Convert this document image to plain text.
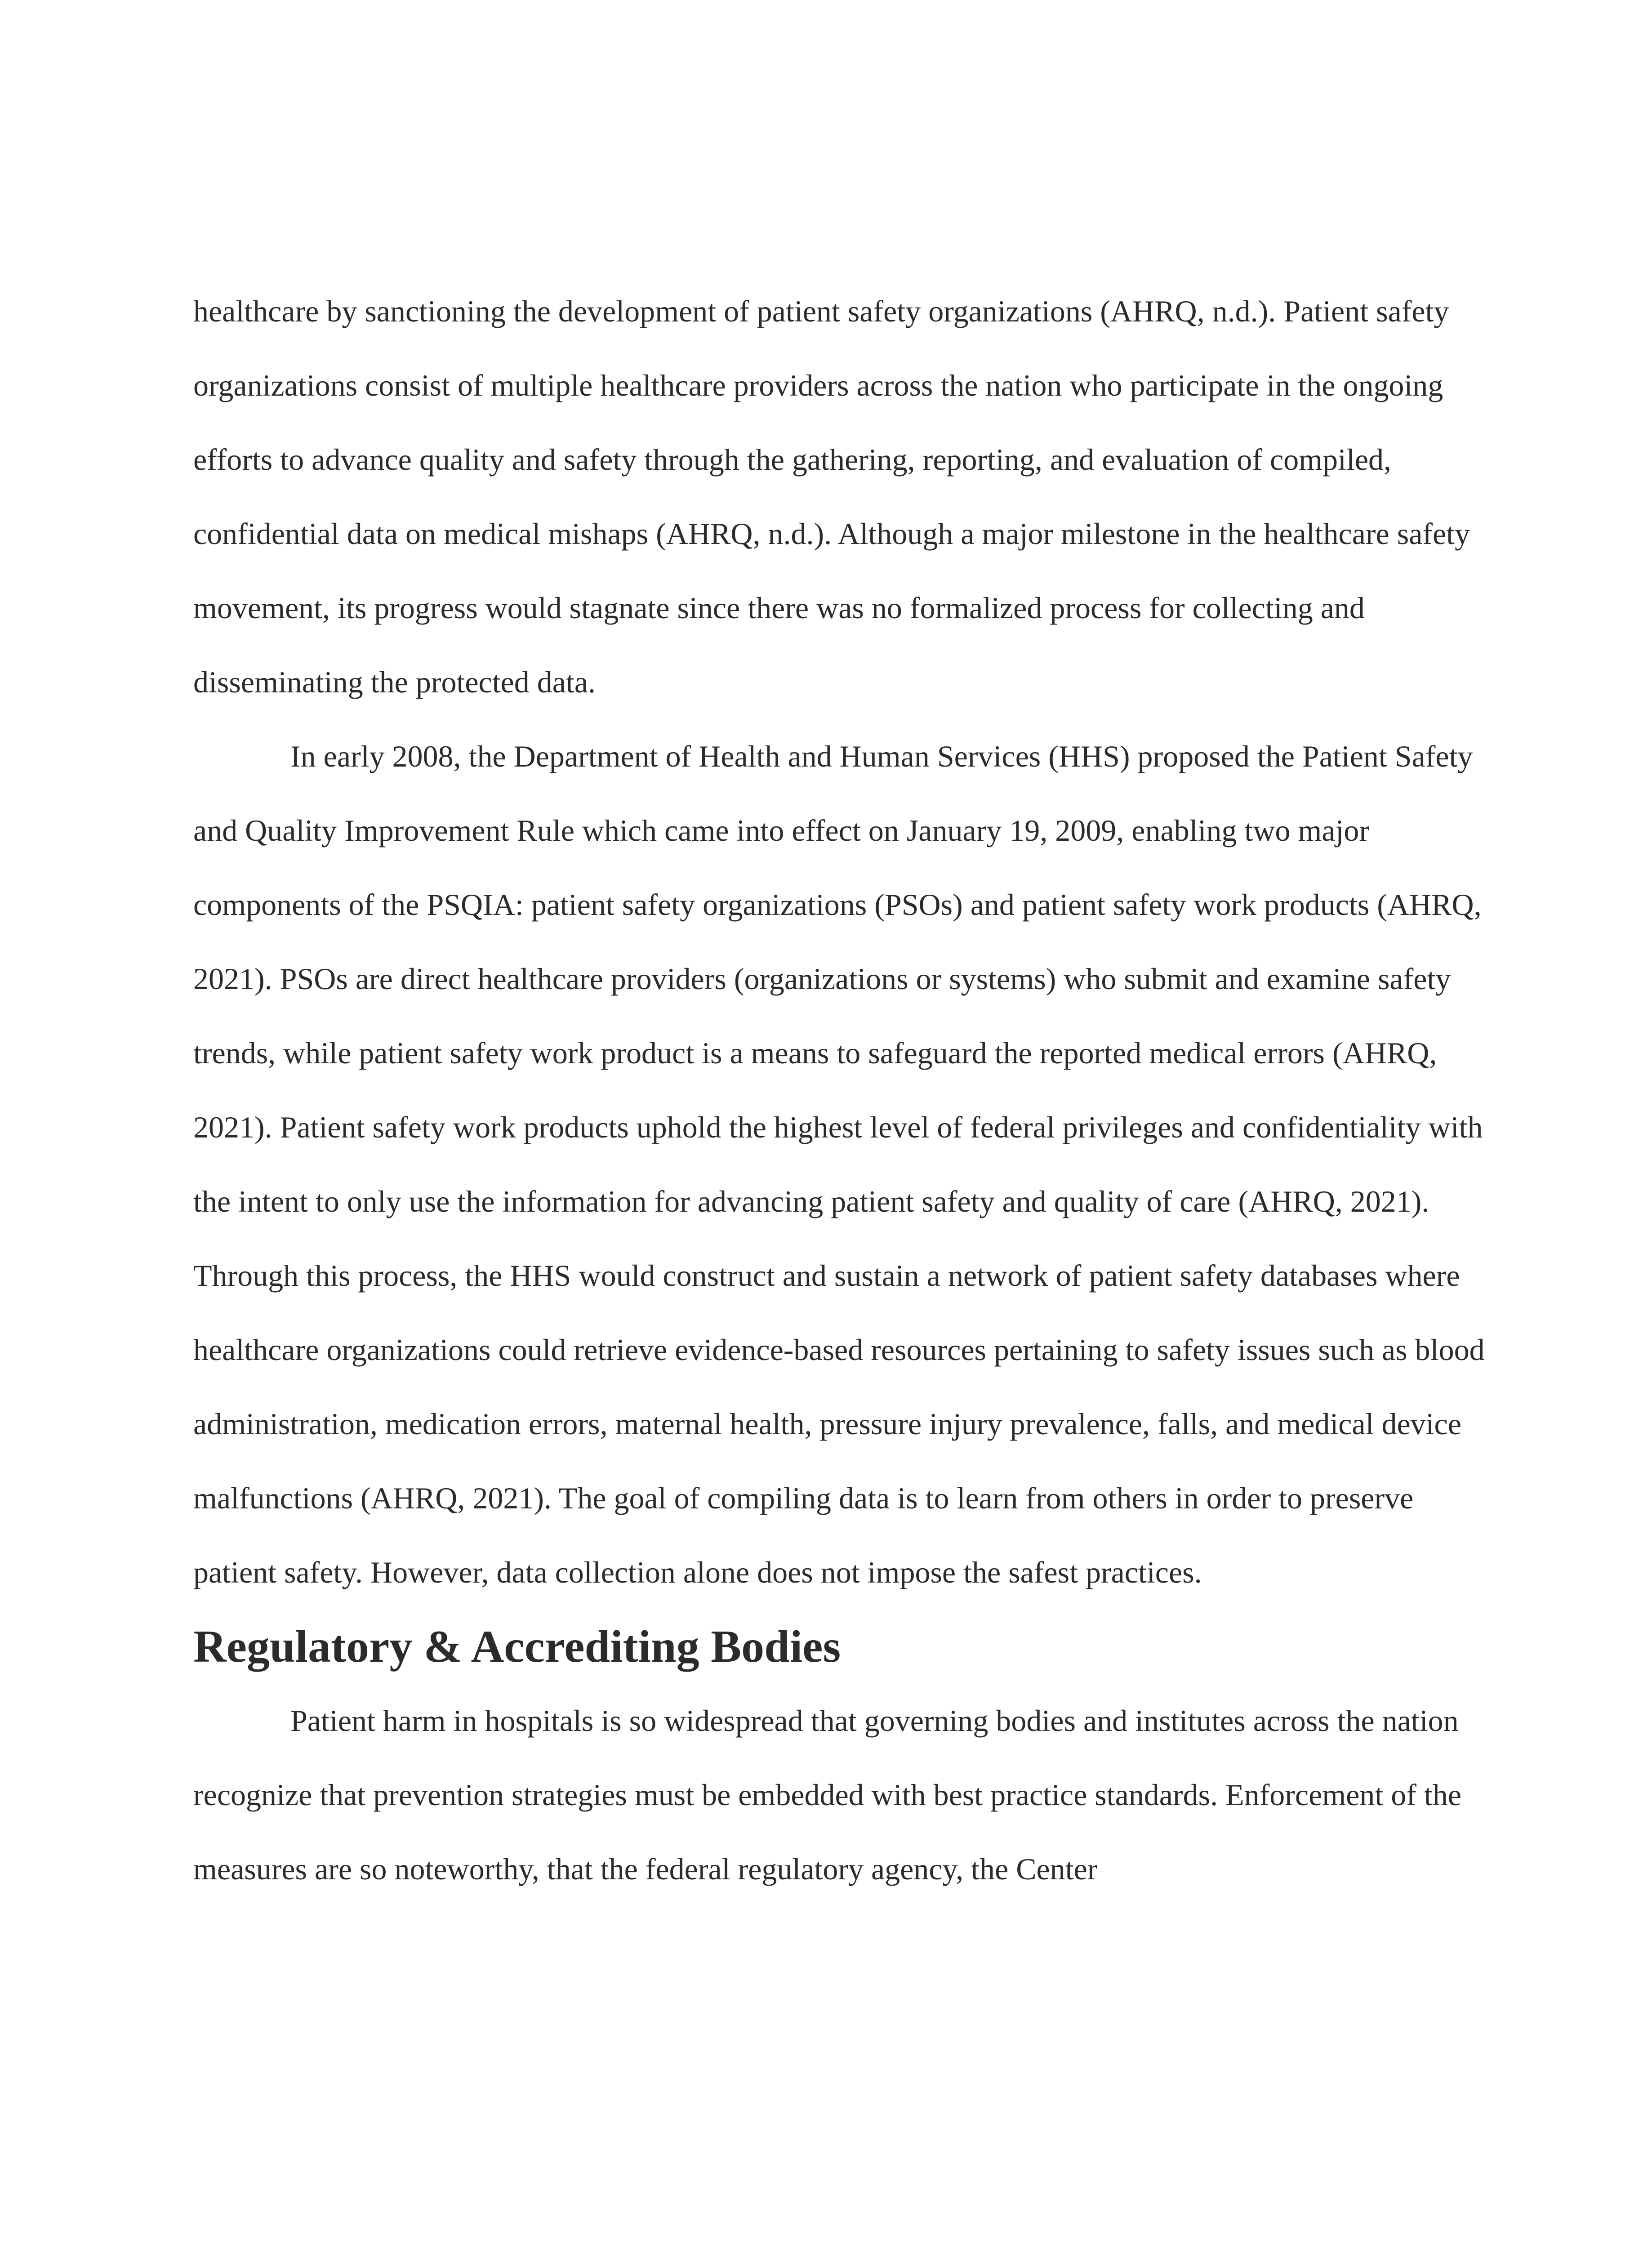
healthcare by sanctioning the development of patient safety organizations (AHRQ, n.d.). Patient safety organizations consist of multiple healthcare providers across the nation who participate in the ongoing efforts to advance quality and safety through the gathering, reporting, and evaluation of compiled, confidential data on medical mishaps (AHRQ, n.d.). Although a major milestone in the healthcare safety movement, its progress would stagnate since there was no formalized process for collecting and disseminating the protected data.

In early 2008, the Department of Health and Human Services (HHS) proposed the Patient Safety and Quality Improvement Rule which came into effect on January 19, 2009, enabling two major components of the PSQIA: patient safety organizations (PSOs) and patient safety work products (AHRQ, 2021). PSOs are direct healthcare providers (organizations or systems) who submit and examine safety trends, while patient safety work product is a means to safeguard the reported medical errors (AHRQ, 2021). Patient safety work products uphold the highest level of federal privileges and confidentiality with the intent to only use the information for advancing patient safety and quality of care (AHRQ, 2021). Through this process, the HHS would construct and sustain a network of patient safety databases where healthcare organizations could retrieve evidence-based resources pertaining to safety issues such as blood administration, medication errors, maternal health, pressure injury prevalence, falls, and medical device malfunctions (AHRQ, 2021). The goal of compiling data is to learn from others in order to preserve patient safety. However, data collection alone does not impose the safest practices.

Regulatory & Accrediting Bodies

Patient harm in hospitals is so widespread that governing bodies and institutes across the nation recognize that prevention strategies must be embedded with best practice standards. Enforcement of the measures are so noteworthy, that the federal regulatory agency, the Center
